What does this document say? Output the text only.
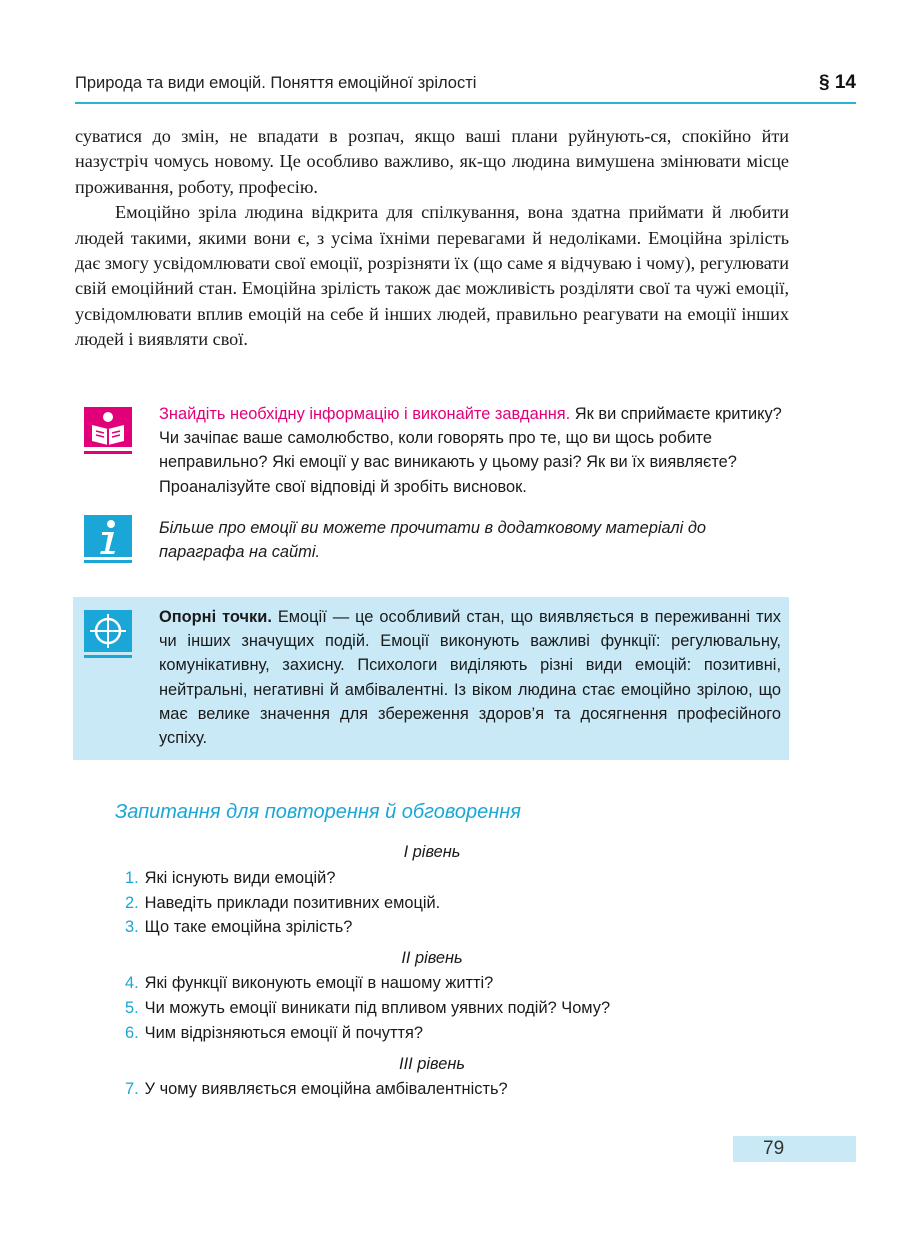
Природа та види емоцій. Поняття емоційної зрілості	§ 14

суватися до змін, не впадати в розпач, якщо ваші плани руйнують-ся, спокійно йти назустріч чомусь новому. Це особливо важливо, як-що людина вимушена змінювати місце проживання, роботу, професію.

Емоційно зріла людина відкрита для спілкування, вона здатна приймати й любити людей такими, якими вони є, з усіма їхніми перевагами й недоліками. Емоційна зрілість дає змогу усвідомлювати свої емоції, розрізняти їх (що саме я відчуваю і чому), регулювати свій емоційний стан. Емоційна зрілість також дає можливість розділяти свої та чужі емоції, усвідомлювати вплив емоцій на себе й інших людей, правильно реагувати на емоції інших людей і виявляти свої.

Знайдіть необхідну інформацію і виконайте завдання. Як ви сприймаєте критику? Чи зачіпає ваше самолюбство, коли говорять про те, що ви щось робите неправильно? Які емоції у вас виникають у цьому разі? Як ви їх виявляєте? Проаналізуйте свої відповіді й зробіть висновок.
Більше про емоції ви можете прочитати в додатковому матеріалі до параграфа на сайті.
Опорні точки. Емоції — це особливий стан, що виявляється в переживанні тих чи інших значущих подій. Емоції виконують важливі функції: регулювальну, комунікативну, захисну. Психологи виділяють різні види емоцій: позитивні, нейтральні, негативні й амбівалентні. Із віком людина стає емоційно зрілою, що має велике значення для збереження здоров’я та досягнення професійного успіху.
Запитання для повторення й обговорення
І рівень
1. Які існують види емоцій?
2. Наведіть приклади позитивних емоцій.
3. Що таке емоційна зрілість?
ІІ рівень
4. Які функції виконують емоції в нашому житті?
5. Чи можуть емоції виникати під впливом уявних подій? Чому?
6. Чим відрізняються емоції й почуття?
ІІІ рівень
7. У чому виявляється емоційна амбівалентність?
79
